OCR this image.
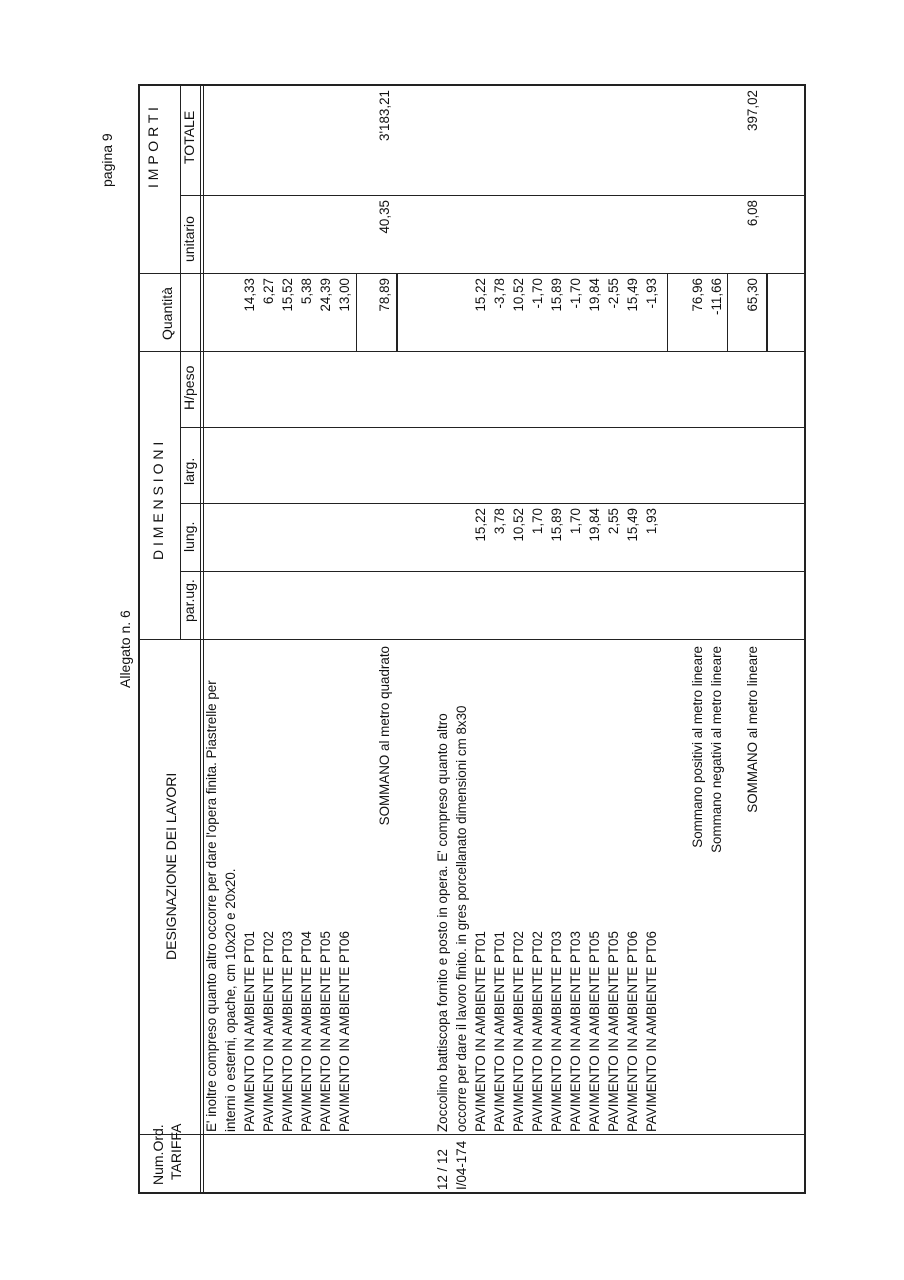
Allegato n. 6
pagina 9
Num.Ord. TARIFFA
DESIGNAZIONE DEI LAVORI
D I M E N S I O N I
par.ug.
lung.
larg.
H/peso
Quantità
I M P O R T I
unitario
TOTALE
E' inoltre compreso quanto altro occorre per dare l'opera finita. Piastrelle per interni o esterni, opache, cm 10x20 e 20x20. PAVIMENTO IN AMBIENTE PT01 PAVIMENTO IN AMBIENTE PT02 PAVIMENTO IN AMBIENTE PT03 PAVIMENTO IN AMBIENTE PT04 PAVIMENTO IN AMBIENTE PT05 PAVIMENTO IN AMBIENTE PT06
14,33 6,27 15,52 5,38 24,39 13,00
SOMMANO al metro quadrato
78,89
40,35
3'183,21
12 / 12 I/04-174
Zoccolino battiscopa fornito e posto in opera. E' compreso quanto altro occorre per dare il lavoro finito. in gres porcellanato dimensioni cm 8x30 PAVIMENTO IN AMBIENTE PT01 PAVIMENTO IN AMBIENTE PT01 PAVIMENTO IN AMBIENTE PT02 PAVIMENTO IN AMBIENTE PT02 PAVIMENTO IN AMBIENTE PT03 PAVIMENTO IN AMBIENTE PT03 PAVIMENTO IN AMBIENTE PT05 PAVIMENTO IN AMBIENTE PT05 PAVIMENTO IN AMBIENTE PT06 PAVIMENTO IN AMBIENTE PT06
15,22 3,78 10,52 1,70 15,89 1,70 19,84 2,55 15,49 1,93
15,22 -3,78 10,52 -1,70 15,89 -1,70 19,84 -2,55 15,49 -1,93
Sommano positivi al metro lineare
76,96
Sommano negativi al metro lineare
-11,66
SOMMANO al metro lineare
65,30
6,08
397,02
